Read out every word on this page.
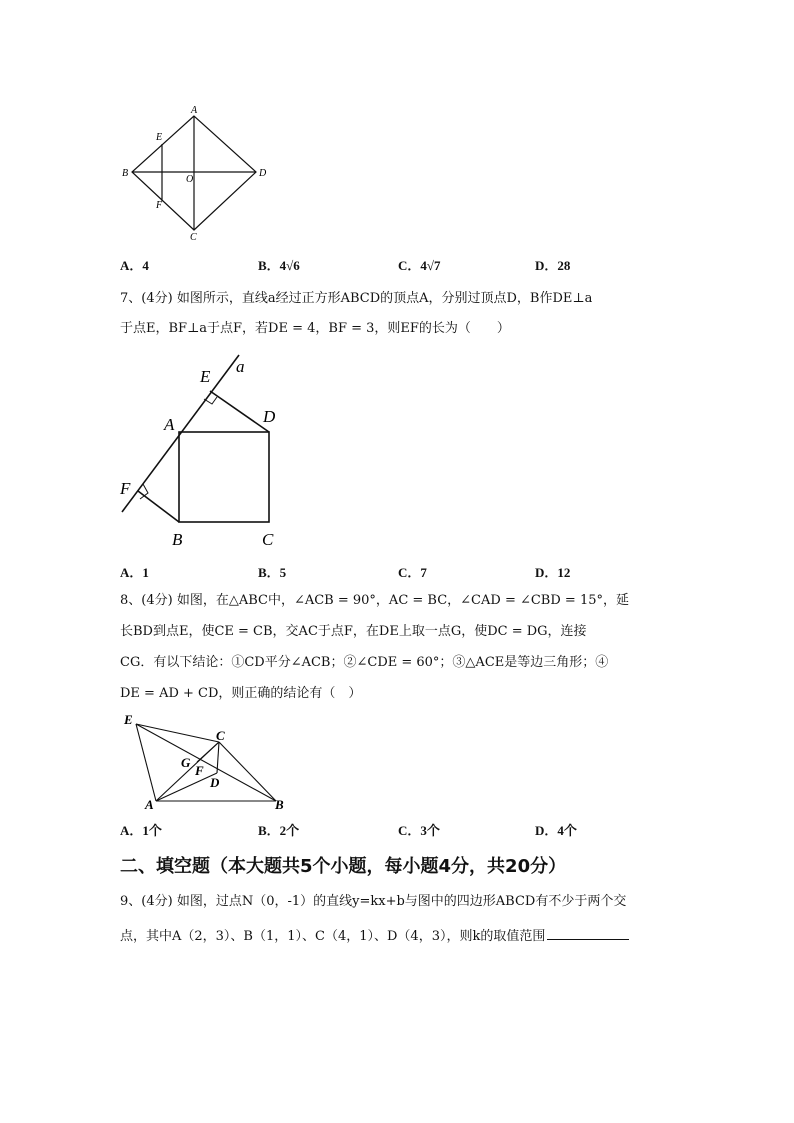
A
E
B
O
D
F
C
A．4	B．4√6	C．4√7	D．28
7、(4分) 如图所示，直线a经过正方形ABCD的顶点A，分别过顶点D，B作DE⊥a
于点E，BF⊥a于点F，若DE = 4，BF = 3，则EF的长为（　　）
E
a
A	D
F
B	C
A．1	B．5	C．7	D．12
8、(4分) 如图，在△ABC中，∠ACB = 90°，AC = BC，∠CAD = ∠CBD = 15°，延
长BD到点E，使CE = CB，交AC于点F，在DE上取一点G，使DC = DG，连接
CG．有以下结论：①CD平分∠ACB；②∠CDE = 60°；③△ACE是等边三角形；④
DE = AD + CD，则正确的结论有（　）
E
C
G
F
D
A	B
A．1个	B．2个	C．3个	D．4个
二、填空题（本大题共5个小题，每小题4分，共20分）
9、(4分) 如图，过点N（0，-1）的直线y=kx+b与图中的四边形ABCD有不少于两个交
点，其中A（2，3）、B（1，1）、C（4，1）、D（4，3），则k的取值范围
